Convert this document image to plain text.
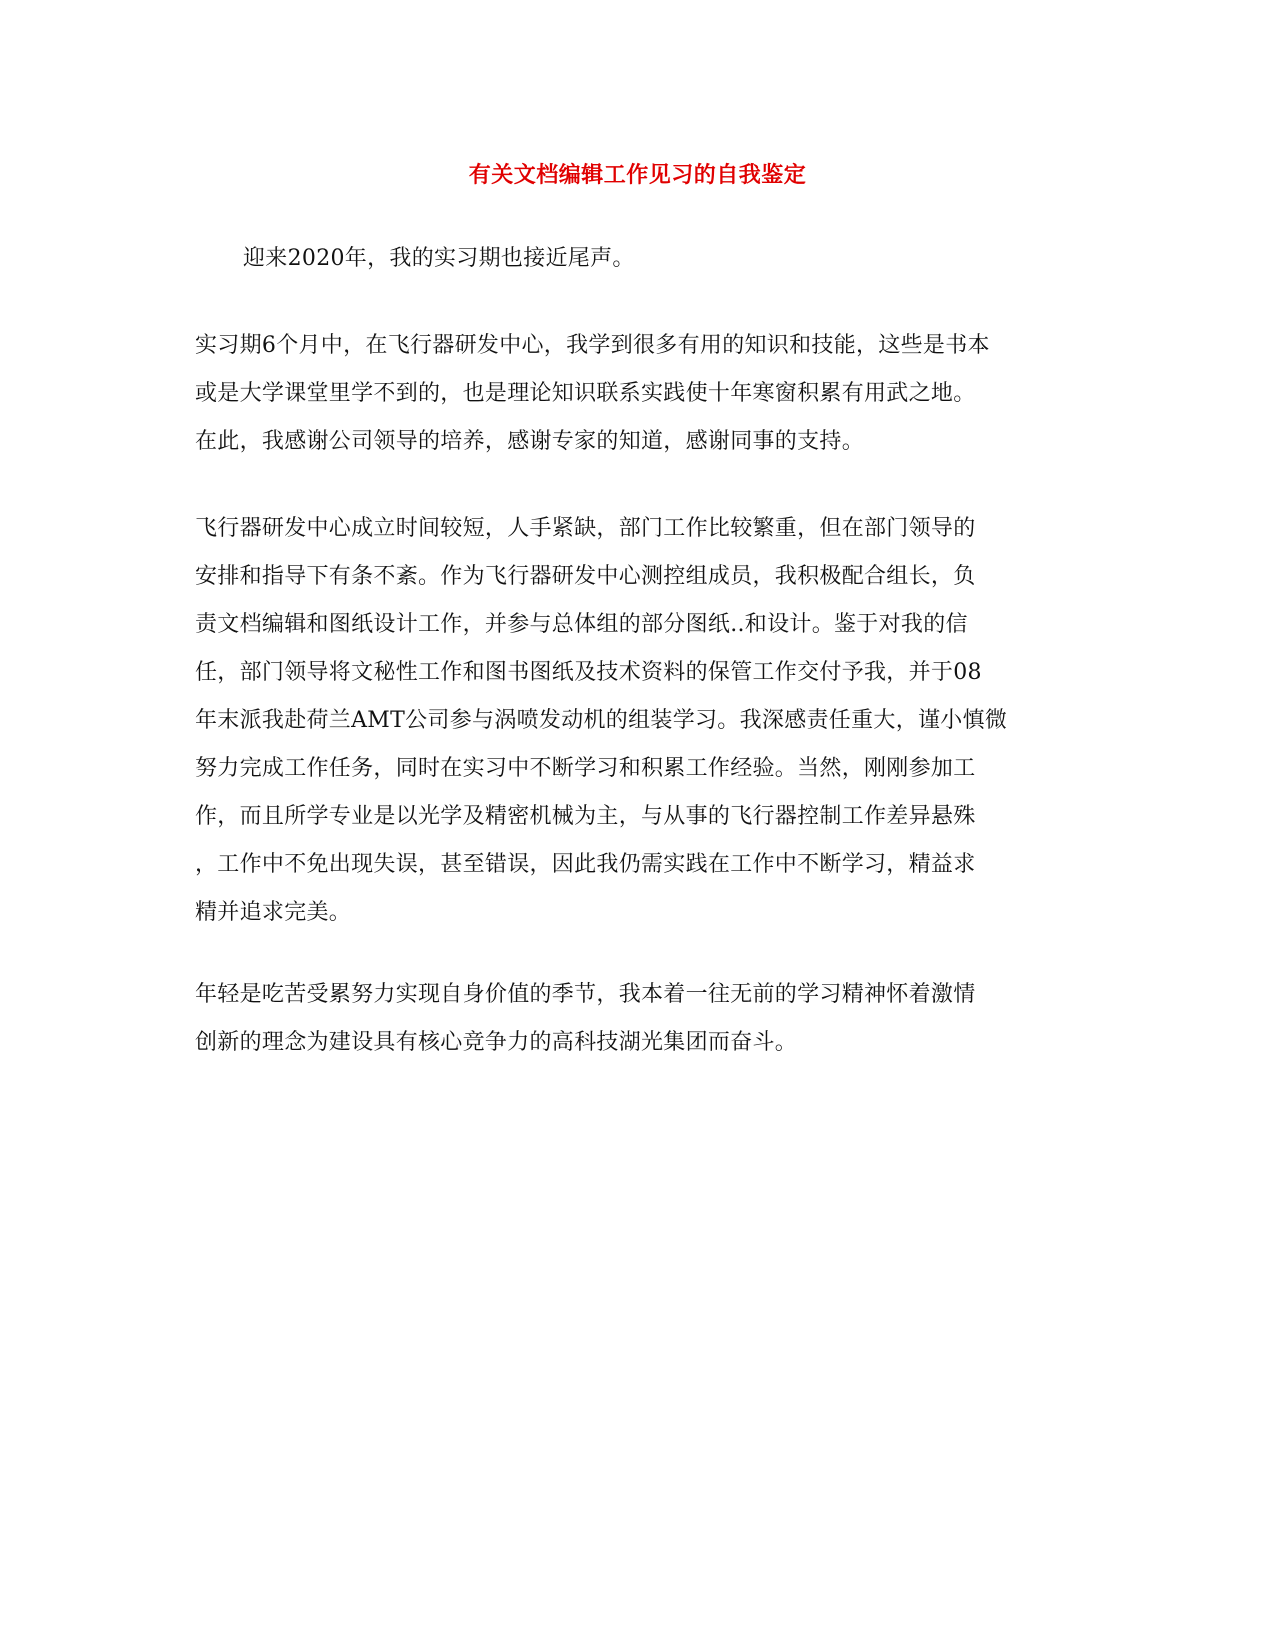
有关文档编辑工作见习的自我鉴定

迎来2020年，我的实习期也接近尾声。

实习期6个月中，在飞行器研发中心，我学到很多有用的知识和技能，这些是书本
或是大学课堂里学不到的，也是理论知识联系实践使十年寒窗积累有用武之地。
在此，我感谢公司领导的培养，感谢专家的知道，感谢同事的支持。

飞行器研发中心成立时间较短，人手紧缺，部门工作比较繁重，但在部门领导的
安排和指导下有条不紊。作为飞行器研发中心测控组成员，我积极配合组长，负
责文档编辑和图纸设计工作，并参与总体组的部分图纸..和设计。鉴于对我的信
任，部门领导将文秘性工作和图书图纸及技术资料的保管工作交付予我，并于08
年末派我赴荷兰AMT公司参与涡喷发动机的组装学习。我深感责任重大，谨小慎微
努力完成工作任务，同时在实习中不断学习和积累工作经验。当然，刚刚参加工
作，而且所学专业是以光学及精密机械为主，与从事的飞行器控制工作差异悬殊
，工作中不免出现失误，甚至错误，因此我仍需实践在工作中不断学习，精益求
精并追求完美。

年轻是吃苦受累努力实现自身价值的季节，我本着一往无前的学习精神怀着激情
创新的理念为建设具有核心竞争力的高科技湖光集团而奋斗。
